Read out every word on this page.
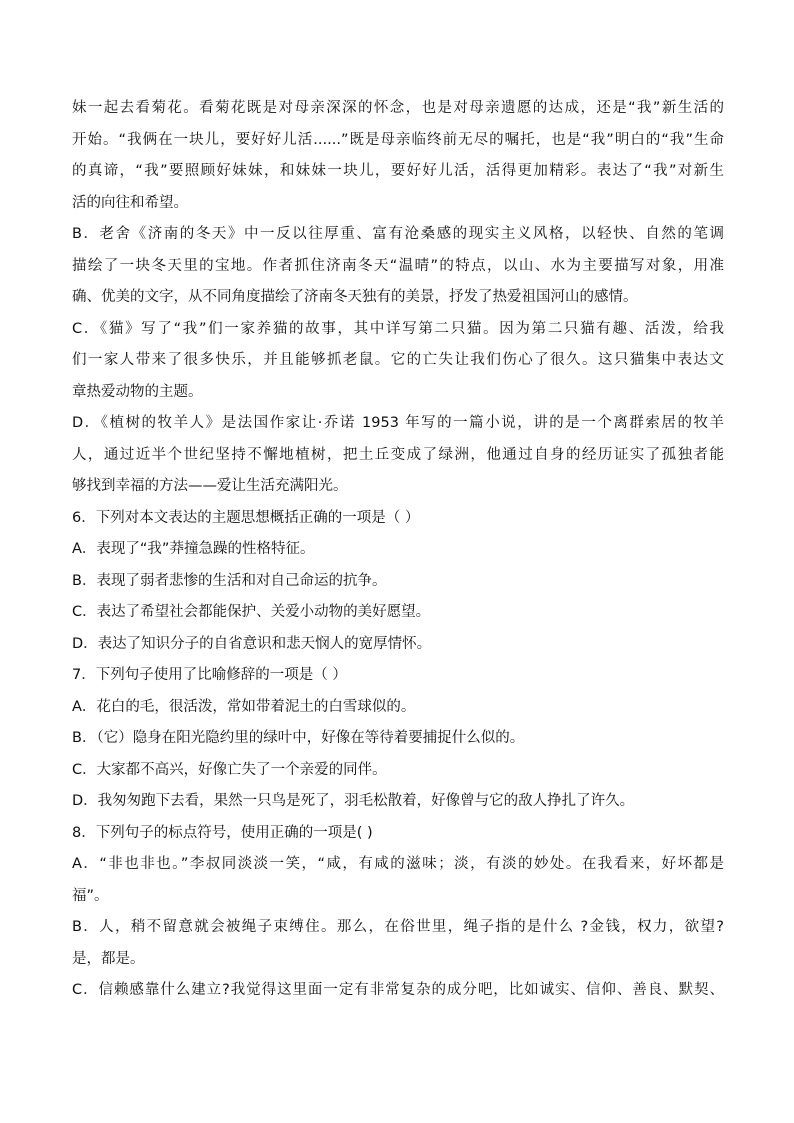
妹一起去看菊花。看菊花既是对母亲深深的怀念，也是对母亲遗愿的达成，还是“我”新生活的
开始。“我俩在一块儿，要好好儿活......”既是母亲临终前无尽的嘱托，也是“我”明白的“我”生命
的真谛，“我”要照顾好妹妹，和妹妹一块儿，要好好儿活，活得更加精彩。表达了“我”对新生
活的向往和希望。
B．老舍《济南的冬天》中一反以往厚重、富有沧桑感的现实主义风格，以轻快、自然的笔调
描绘了一块冬天里的宝地。作者抓住济南冬天“温晴”的特点，以山、水为主要描写对象，用准
确、优美的文字，从不同角度描绘了济南冬天独有的美景，抒发了热爱祖国河山的感情。
C．《猫》写了“我”们一家养猫的故事，其中详写第二只猫。因为第二只猫有趣、活泼，给我
们一家人带来了很多快乐，并且能够抓老鼠。它的亡失让我们伤心了很久。这只猫集中表达文
章热爱动物的主题。
D．《植树的牧羊人》是法国作家让·乔诺 1953 年写的一篇小说，讲的是一个离群索居的牧羊
人，通过近半个世纪坚持不懈地植树，把土丘变成了绿洲，他通过自身的经历证实了孤独者能
够找到幸福的方法——爱让生活充满阳光。
6．下列对本文表达的主题思想概括正确的一项是（ ）
A．表现了“我”莽撞急躁的性格特征。
B．表现了弱者悲惨的生活和对自己命运的抗争。
C．表达了希望社会都能保护、关爱小动物的美好愿望。
D．表达了知识分子的自省意识和悲天悯人的宽厚情怀。
7．下列句子使用了比喻修辞的一项是（ ）
A．花白的毛，很活泼，常如带着泥土的白雪球似的。
B．（它）隐身在阳光隐约里的绿叶中，好像在等待着要捕捉什么似的。
C．大家都不高兴，好像亡失了一个亲爱的同伴。
D．我匆匆跑下去看，果然一只鸟是死了，羽毛松散着，好像曾与它的敌人挣扎了许久。
8．下列句子的标点符号，使用正确的一项是( )
A．“非也非也。”李叔同淡淡一笑，“咸，有咸的滋味；淡，有淡的妙处。在我看来，好坏都是
福”。
B．人，稍不留意就会被绳子束缚住。那么，在俗世里，绳子指的是什么 ?金钱，权力，欲望?
是，都是。
C．信赖感靠什么建立?我觉得这里面一定有非常复杂的成分吧，比如诚实、信仰、善良、默契、
